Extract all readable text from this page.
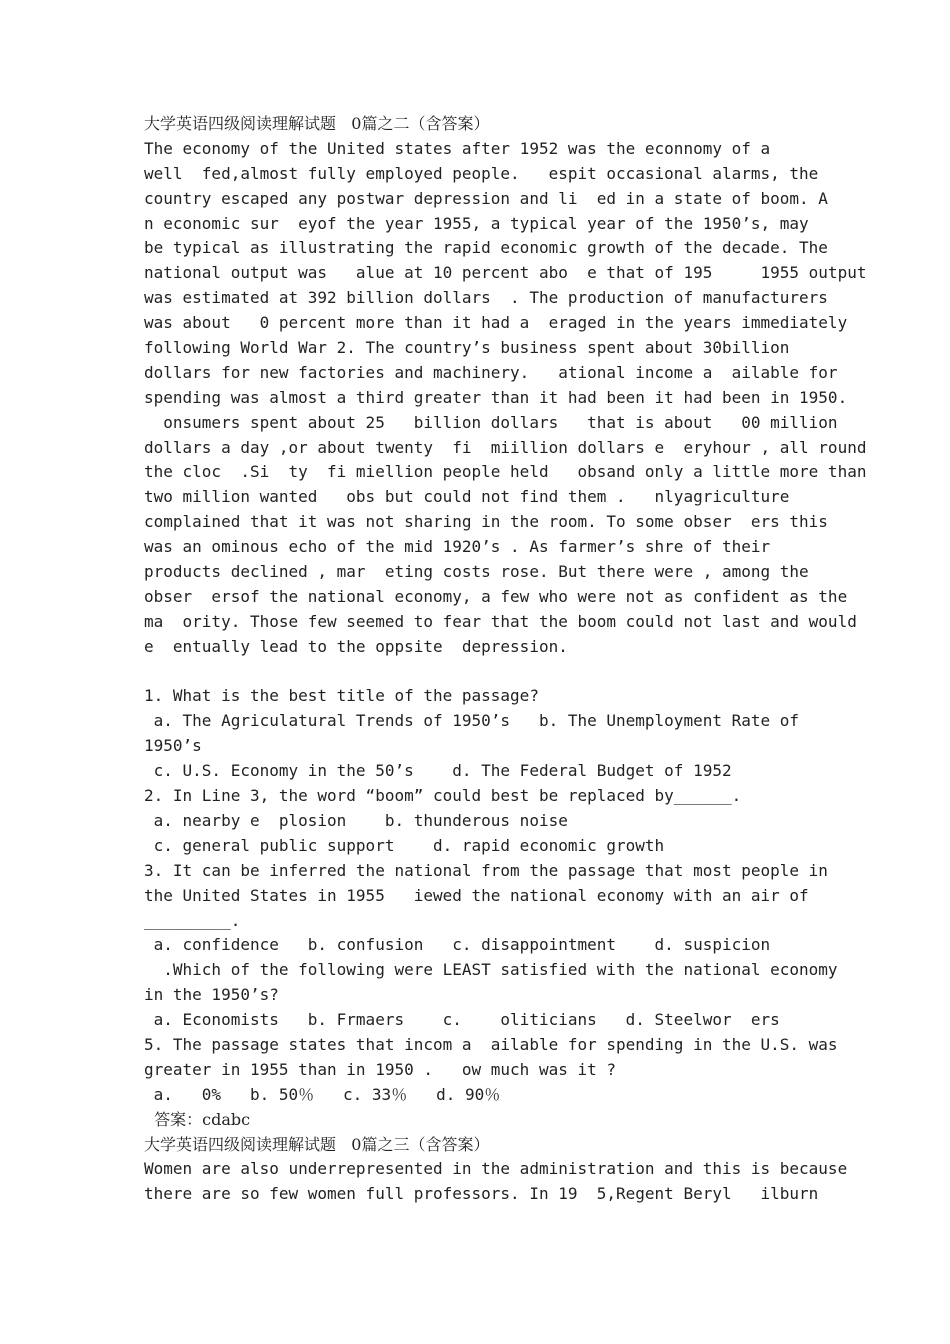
大学英语四级阅读理解试题   0篇之二（含答案）
The economy of the United states after 1952 was the econnomy of a
well  fed,almost fully employed people.   espit occasional alarms, the
country escaped any postwar depression and li  ed in a state of boom. A
n economic sur  eyof the year 1955, a typical year of the 1950’s, may
be typical as illustrating the rapid economic growth of the decade. The
national output was   alue at 10 percent abo  e that of 195     1955 output
was estimated at 392 billion dollars  . The production of manufacturers
was about   0 percent more than it had a  eraged in the years immediately
following World War 2. The country’s business spent about 30billion
dollars for new factories and machinery.   ational income a  ailable for
spending was almost a third greater than it had been it had been in 1950.
onsumers spent about 25   billion dollars   that is about   00 million
dollars a day ,or about twenty  fi  miillion dollars e  eryhour , all round
the cloc  .Si  ty  fi miellion people held   obsand only a little more than
two million wanted   obs but could not find them .   nlyagriculture
complained that it was not sharing in the room. To some obser  ers this
was an ominous echo of the mid 1920’s . As farmer’s shre of their
products declined , mar  eting costs rose. But there were , among the
obser  ersof the national economy, a few who were not as confident as the
ma  ority. Those few seemed to fear that the boom could not last and would
e  entually lead to the oppsite  depression.
1. What is the best title of the passage?
a. The Agriculatural Trends of 1950’s   b. The Unemployment Rate of
1950’s
c. U.S. Economy in the 50’s    d. The Federal Budget of 1952
2. In Line 3, the word “boom” could best be replaced by______.
a. nearby e  plosion    b. thunderous noise
c. general public support    d. rapid economic growth
3. It can be inferred the national from the passage that most people in
the United States in 1955   iewed the national economy with an air of
_________.
a. confidence   b. confusion   c. disappointment    d. suspicion
.Which of the following were LEAST satisfied with the national economy
in the 1950’s?
a. Economists   b. Frmaers    c.    oliticians   d. Steelwor  ers
5. The passage states that incom a  ailable for spending in the U.S. was
greater in 1955 than in 1950 .   ow much was it ?
a.   0%   b. 50％   c. 33％   d. 90％
答案：cdabc
大学英语四级阅读理解试题   0篇之三（含答案）
Women are also underrepresented in the administration and this is because
there are so few women full professors. In 19  5,Regent Beryl   ilburn
